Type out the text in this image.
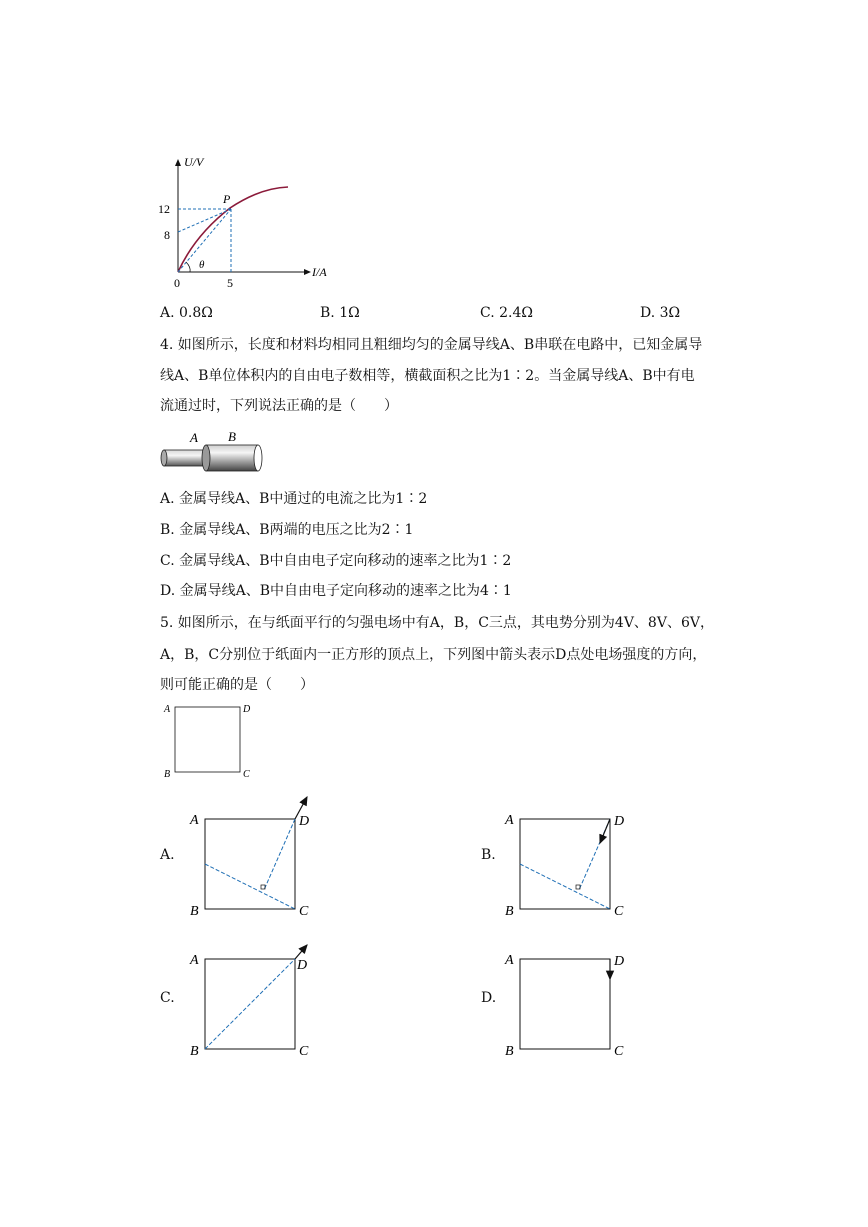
U/V
I/A
0
12
8
5
P
θ
A. 0.8Ω	B. 1Ω	C. 2.4Ω	D. 3Ω
4. 如图所示，长度和材料均相同且粗细均匀的金属导线A、B串联在电路中，已知金属导
线A、B单位体积内的自由电子数相等，横截面积之比为1∶2。当金属导线A、B中有电
流通过时，下列说法正确的是（　　）
A B
A. 金属导线A、B中通过的电流之比为1∶2
B. 金属导线A、B两端的电压之比为2∶1
C. 金属导线A、B中自由电子定向移动的速率之比为1∶2
D. 金属导线A、B中自由电子定向移动的速率之比为4∶1
5. 如图所示，在与纸面平行的匀强电场中有A，B，C三点，其电势分别为4V、8V、6V，
A，B，C分别位于纸面内一正方形的顶点上，下列图中箭头表示D点处电场强度的方向，
则可能正确的是（　　）
A	D
B	C
A.
A	D
B	C
B.
A	D
B	C
C.
A	D
B	C
D.
A	D
B	C
